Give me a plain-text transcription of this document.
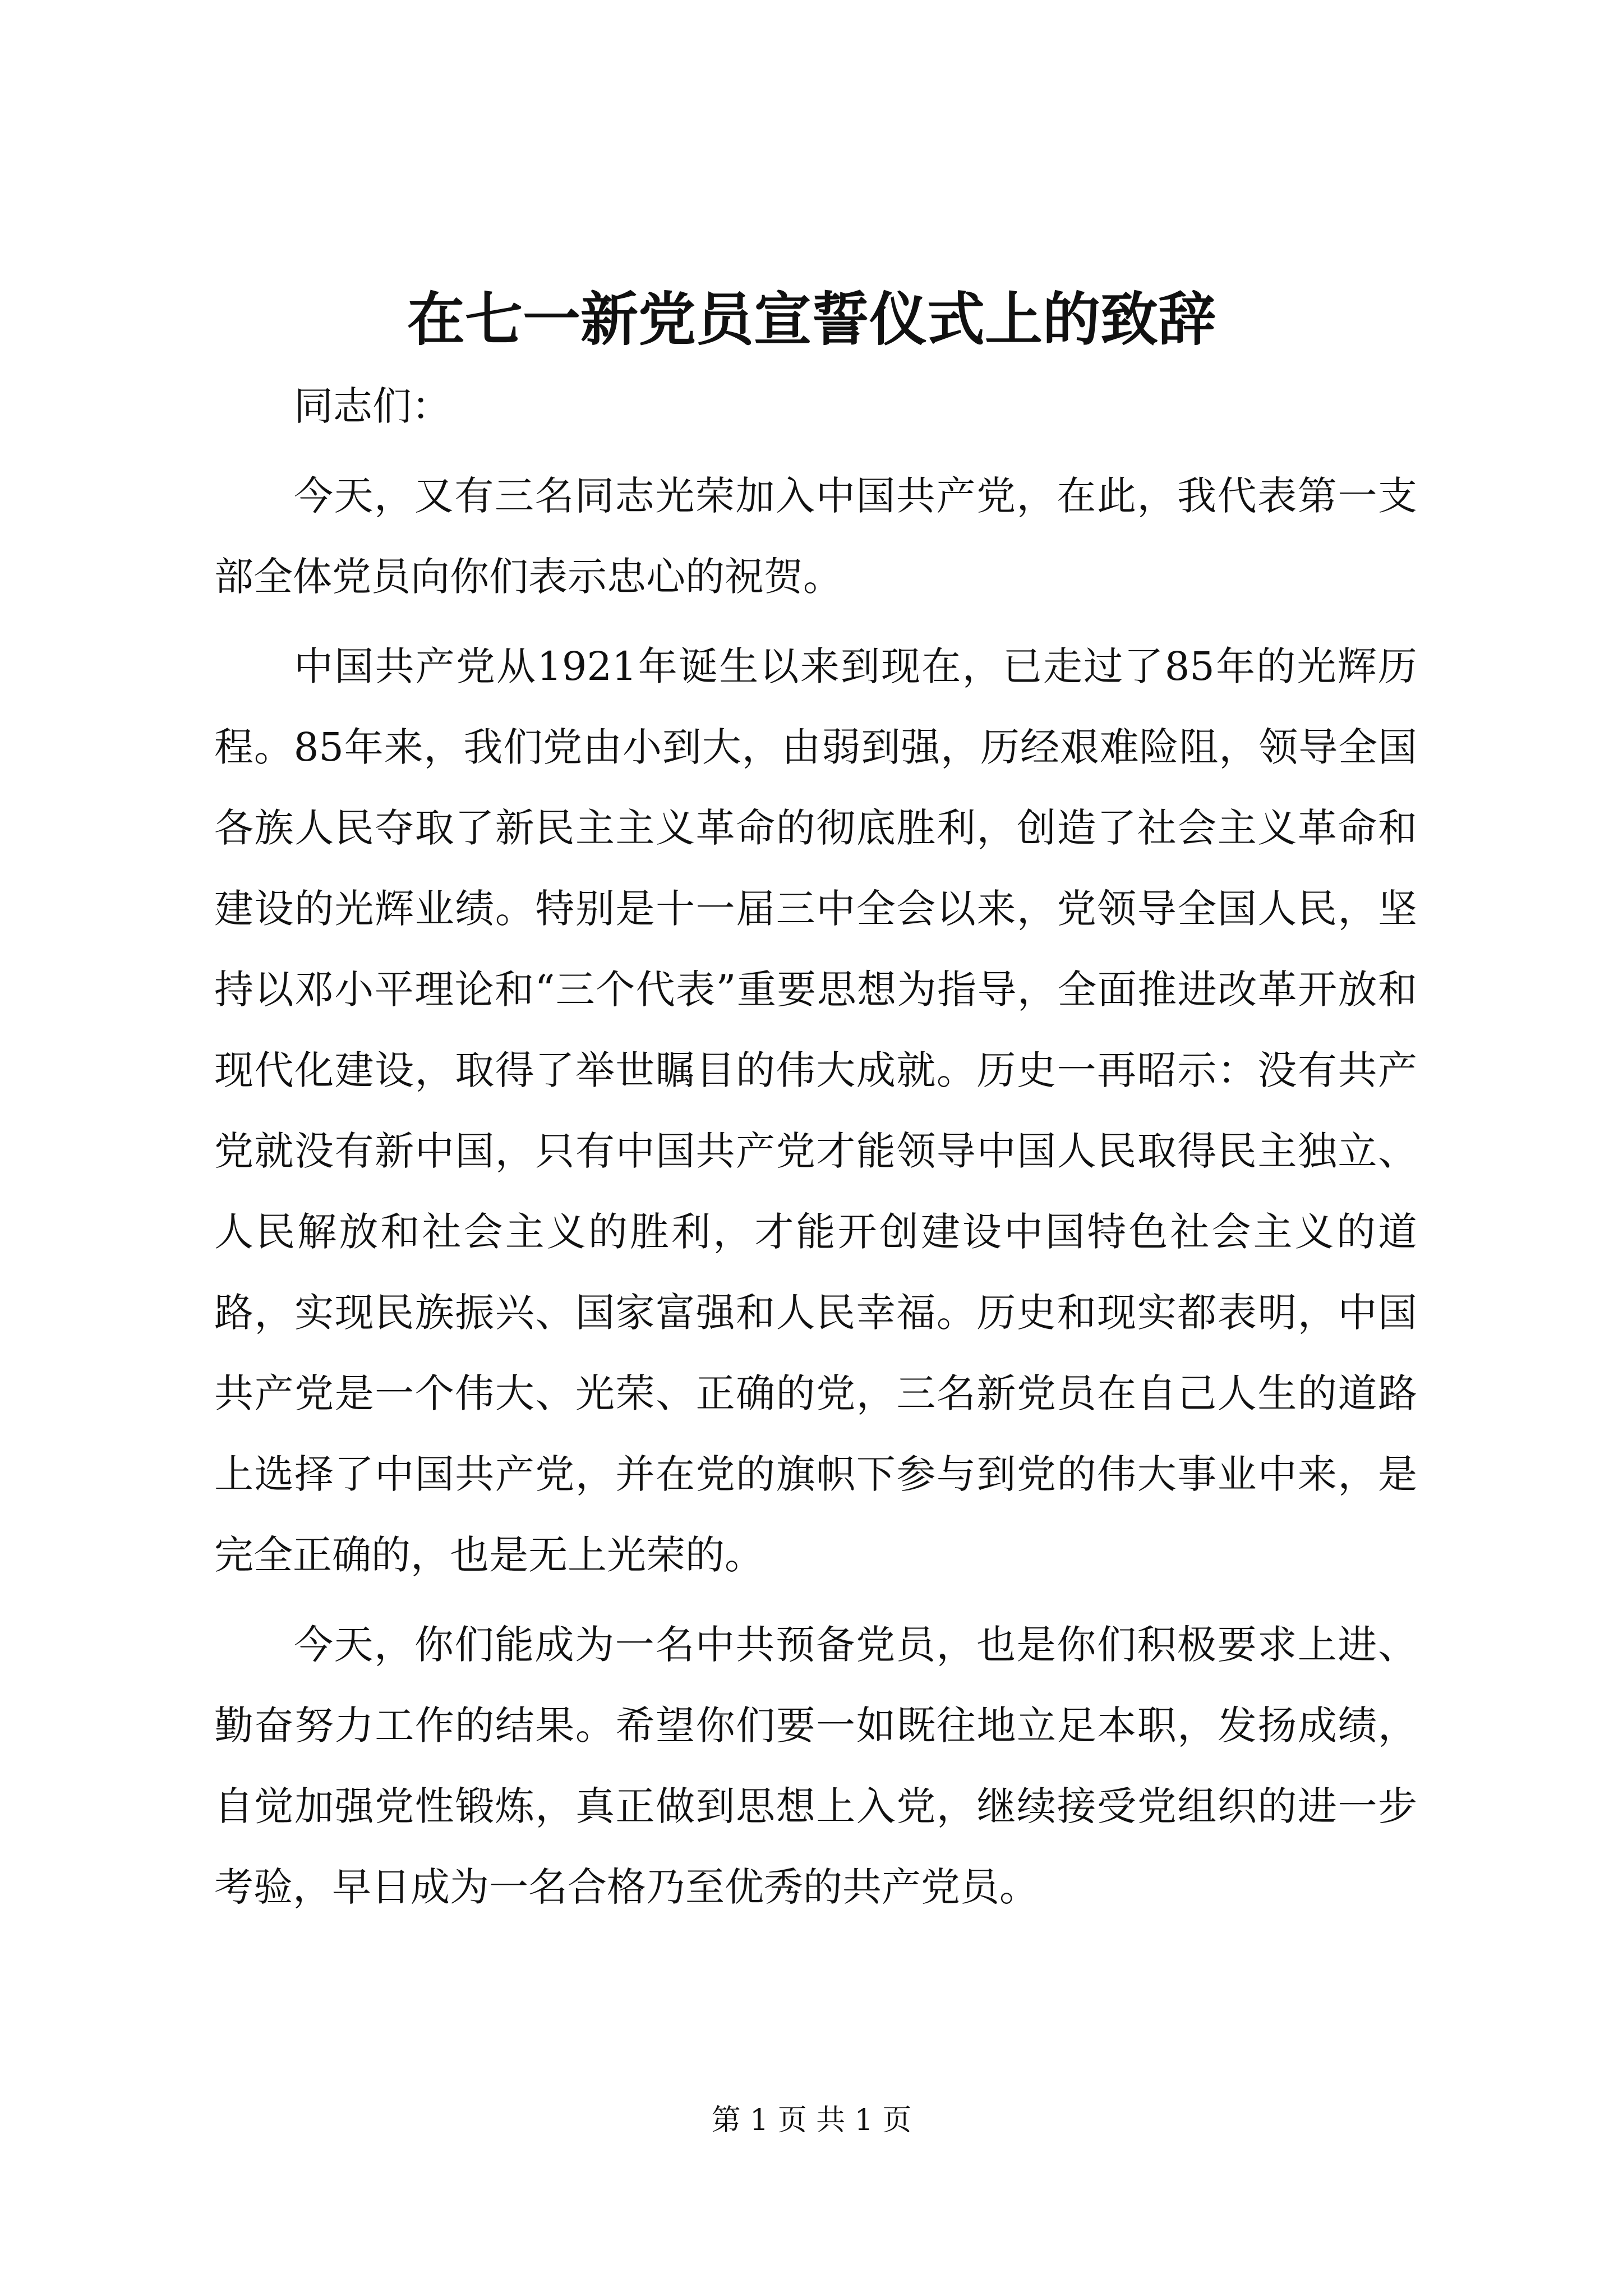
在七一新党员宣誓仪式上的致辞

同志们：

今天，又有三名同志光荣加入中国共产党，在此，我代表第一支部全体党员向你们表示忠心的祝贺。

中国共产党从1921年诞生以来到现在，已走过了85年的光辉历程。85年来，我们党由小到大，由弱到强，历经艰难险阻，领导全国各族人民夺取了新民主主义革命的彻底胜利，创造了社会主义革命和建设的光辉业绩。特别是十一届三中全会以来，党领导全国人民，坚持以邓小平理论和“三个代表”重要思想为指导，全面推进改革开放和现代化建设，取得了举世瞩目的伟大成就。历史一再昭示：没有共产党就没有新中国，只有中国共产党才能领导中国人民取得民主独立、人民解放和社会主义的胜利，才能开创建设中国特色社会主义的道路，实现民族振兴、国家富强和人民幸福。历史和现实都表明，中国共产党是一个伟大、光荣、正确的党，三名新党员在自己人生的道路上选择了中国共产党，并在党的旗帜下参与到党的伟大事业中来，是完全正确的，也是无上光荣的。

今天，你们能成为一名中共预备党员，也是你们积极要求上进、勤奋努力工作的结果。希望你们要一如既往地立足本职，发扬成绩，自觉加强党性锻炼，真正做到思想上入党，继续接受党组织的进一步考验，早日成为一名合格乃至优秀的共产党员。

第 1 页 共 1 页
